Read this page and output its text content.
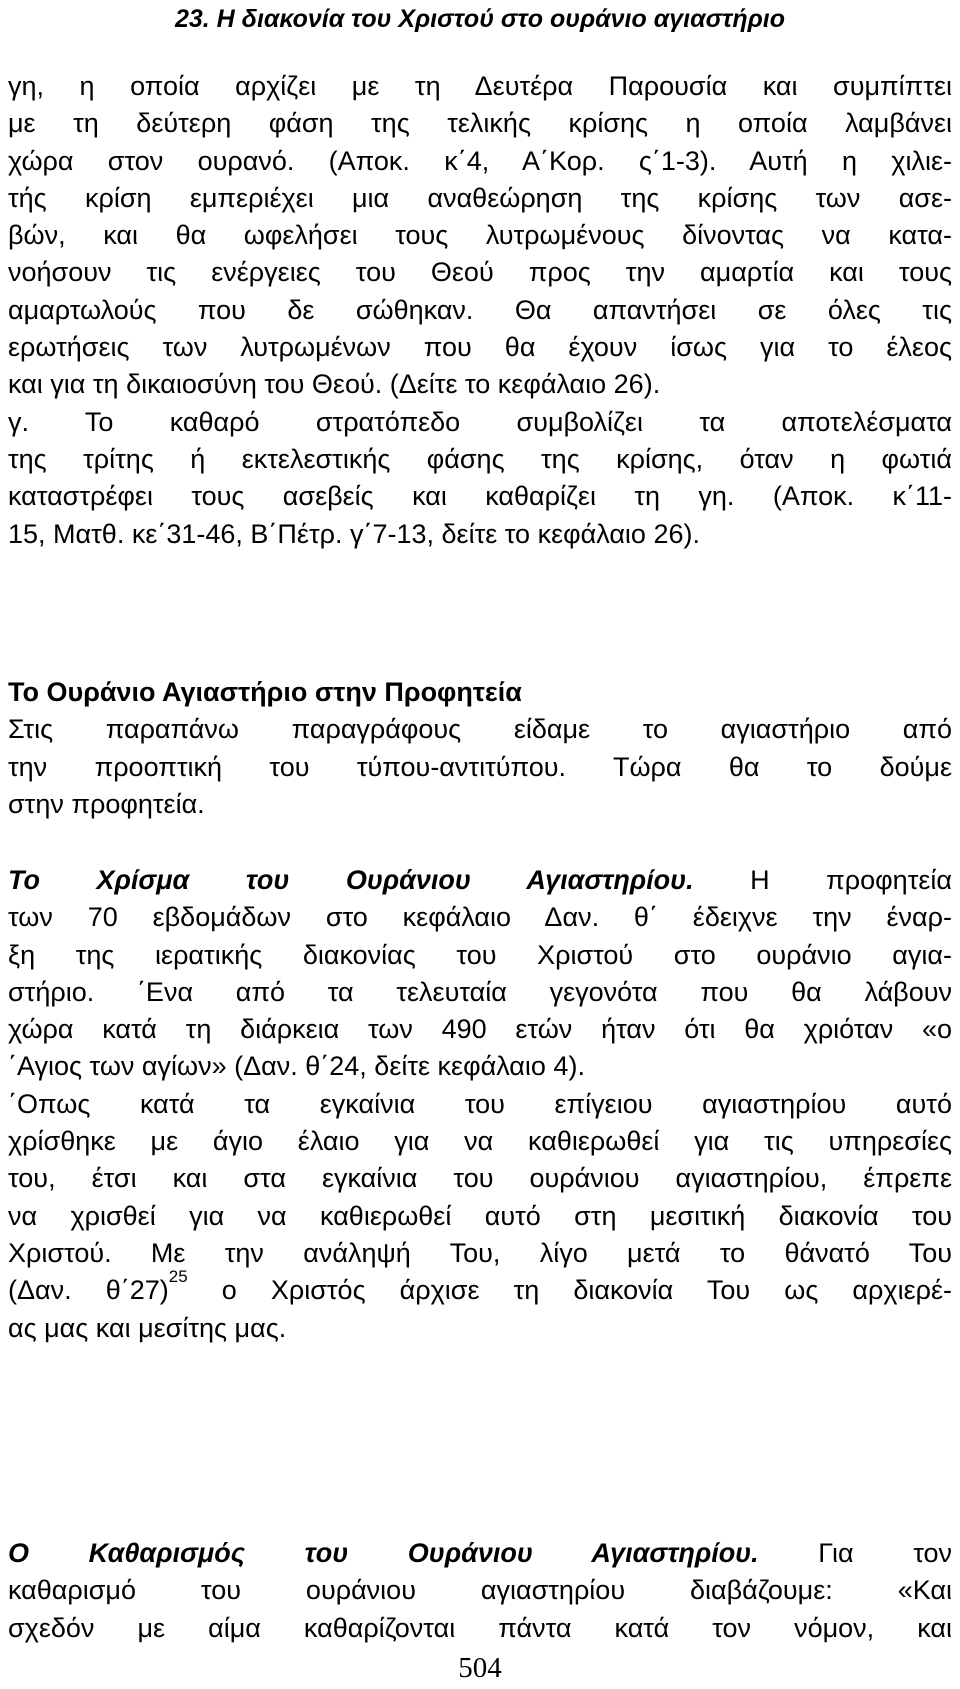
23. Η διακονία του Χριστού στο ουράνιο αγιαστήριο
γη, η οποία αρχίζει με τη Δευτέρα Παρουσία και συμπίπτει
με τη δεύτερη φάση της τελικής κρίσης η οποία λαμβάνει
χώρα στον ουρανό. (Αποκ. κ΄4, Α΄Κορ. ς΄1-3). Αυτή η χιλιε-
τής κρίση εμπεριέχει μια αναθεώρηση της κρίσης των ασε-
βών, και θα ωφελήσει τους λυτρωμένους δίνοντας να κατα-
νοήσουν τις ενέργειες του Θεού προς την αμαρτία και τους
αμαρτωλούς που δε σώθηκαν. Θα απαντήσει σε όλες τις
ερωτήσεις των λυτρωμένων που θα έχουν ίσως για το έλεος
και για τη δικαιοσύνη του Θεού. (Δείτε το κεφάλαιο 26).
γ. Το καθαρό στρατόπεδο συμβολίζει τα αποτελέσματα
της τρίτης ή εκτελεστικής φάσης της κρίσης, όταν η φωτιά
καταστρέφει τους ασεβείς και καθαρίζει τη γη. (Αποκ. κ΄11-
15, Ματθ. κε΄31-46, Β΄Πέτρ. γ΄7-13, δείτε το κεφάλαιο 26).
Το Ουράνιο Αγιαστήριο στην Προφητεία
Στις παραπάνω παραγράφους είδαμε το αγιαστήριο από
την προοπτική του τύπου-αντιτύπου. Τώρα θα το δούμε
στην προφητεία.
Το Χρίσμα του Ουράνιου Αγιαστηρίου. Η προφητεία
των 70 εβδομάδων στο κεφάλαιο Δαν. θ΄ έδειχνε την έναρ-
ξη της ιερατικής διακονίας του Χριστού στο ουράνιο αγια-
στήριο. ΄Ενα από τα τελευταία γεγονότα που θα λάβουν
χώρα κατά τη διάρκεια των 490 ετών ήταν ότι θα χριόταν «ο
΄Αγιος των αγίων» (Δαν. θ΄24, δείτε κεφάλαιο 4).
΄Οπως κατά τα εγκαίνια του επίγειου αγιαστηρίου αυτό
χρίσθηκε με άγιο έλαιο για να καθιερωθεί για τις υπηρεσίες
του, έτσι και στα εγκαίνια του ουράνιου αγιαστηρίου, έπρεπε
να χρισθεί για να καθιερωθεί αυτό στη μεσιτική διακονία του
Χριστού. Με την ανάληψή Του, λίγο μετά το θάνατό Του
(Δαν. θ΄27)$^{25}$ ο Χριστός άρχισε τη διακονία Του ως αρχιερέ-
ας μας και μεσίτης μας.
Ο Καθαρισμός του Ουράνιου Αγιαστηρίου. Για τον
καθαρισμό του ουράνιου αγιαστηρίου διαβάζουμε: «Και
σχεδόν με αίμα καθαρίζονται πάντα κατά τον νόμον, και
504
